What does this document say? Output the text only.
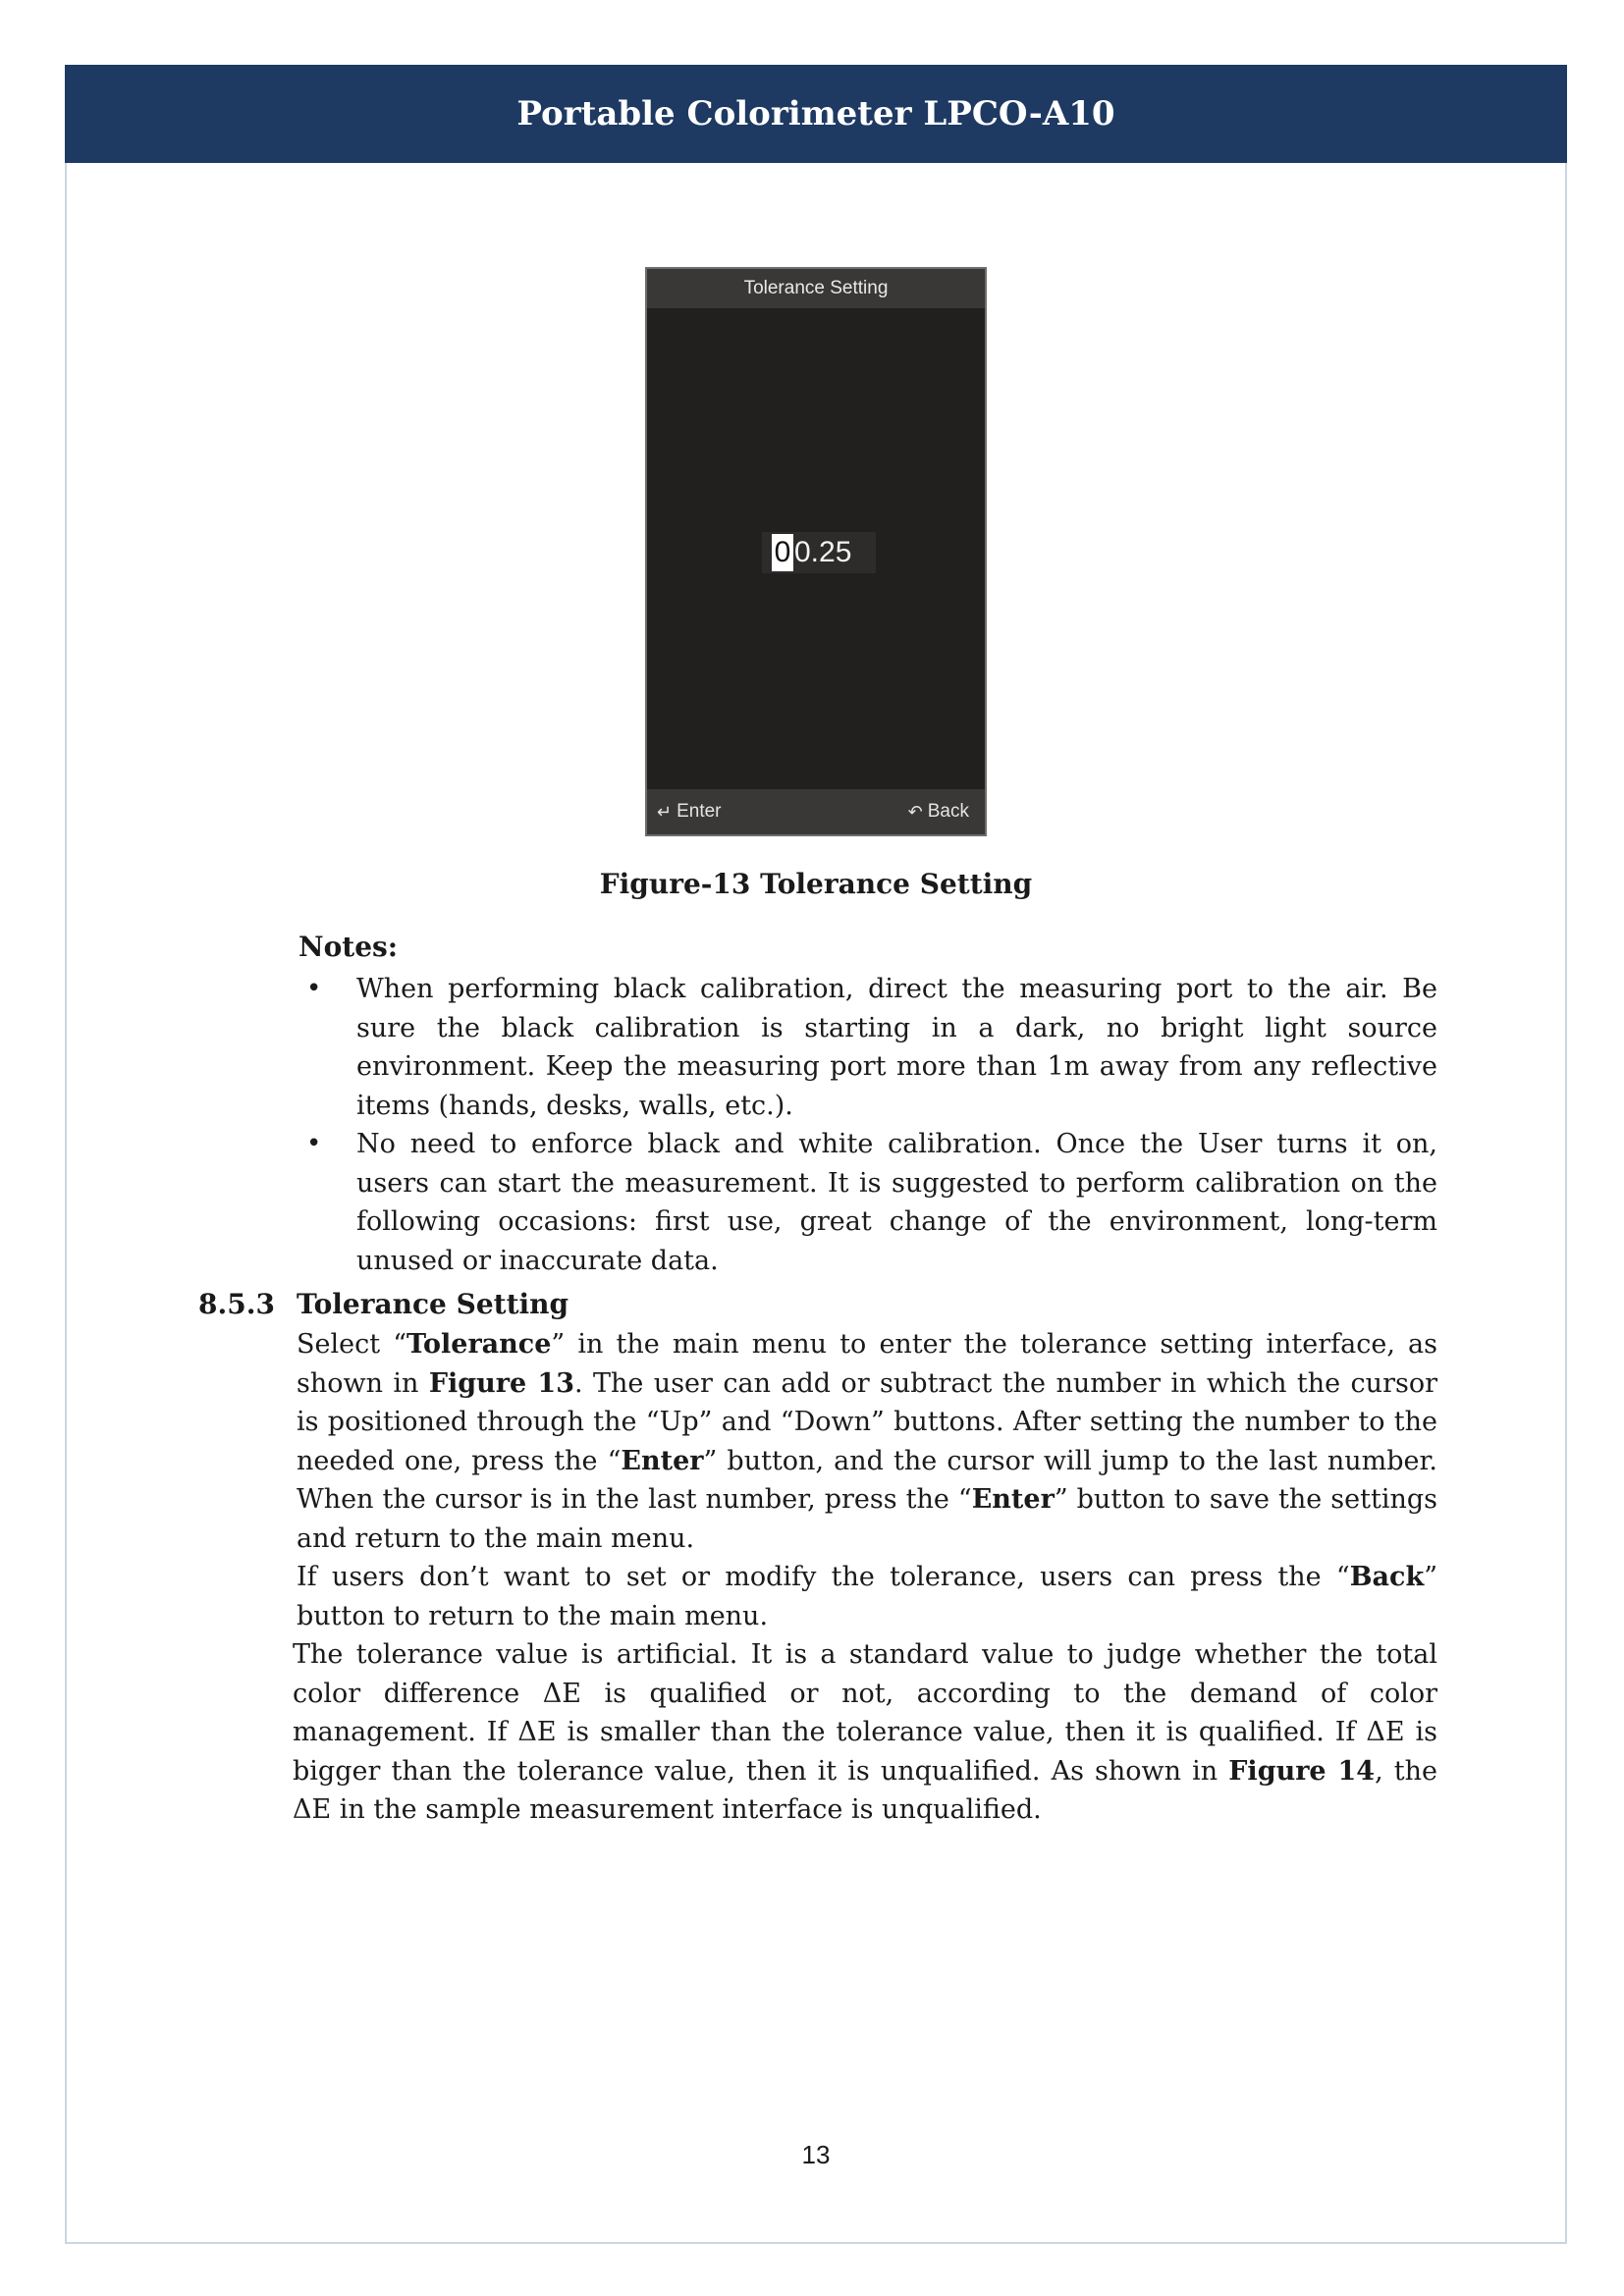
Portable Colorimeter LPCO-A10
Tolerance Setting
0 0.25
↵ Enter	↶ Back
Figure-13 Tolerance Setting
Notes:
• When performing black calibration, direct the measuring port to the air. Be sure the black calibration is starting in a dark, no bright light source environment. Keep the measuring port more than 1m away from any reflective items (hands, desks, walls, etc.).
• No need to enforce black and white calibration. Once the User turns it on, users can start the measurement. It is suggested to perform calibration on the following occasions: first use, great change of the environment, long-term unused or inaccurate data.
8.5.3 Tolerance Setting

Select “Tolerance” in the main menu to enter the tolerance setting interface, as shown in Figure 13. The user can add or subtract the number in which the cursor is positioned through the “Up” and “Down” buttons. After setting the number to the needed one, press the “Enter” button, and the cursor will jump to the last number. When the cursor is in the last number, press the “Enter” button to save the settings and return to the main menu.

If users don’t want to set or modify the tolerance, users can press the “Back” button to return to the main menu.

The tolerance value is artificial. It is a standard value to judge whether the total color difference ΔE is qualified or not, according to the demand of color management. If ΔE is smaller than the tolerance value, then it is qualified. If ΔE is bigger than the tolerance value, then it is unqualified. As shown in Figure 14, the ΔE in the sample measurement interface is unqualified.

13
